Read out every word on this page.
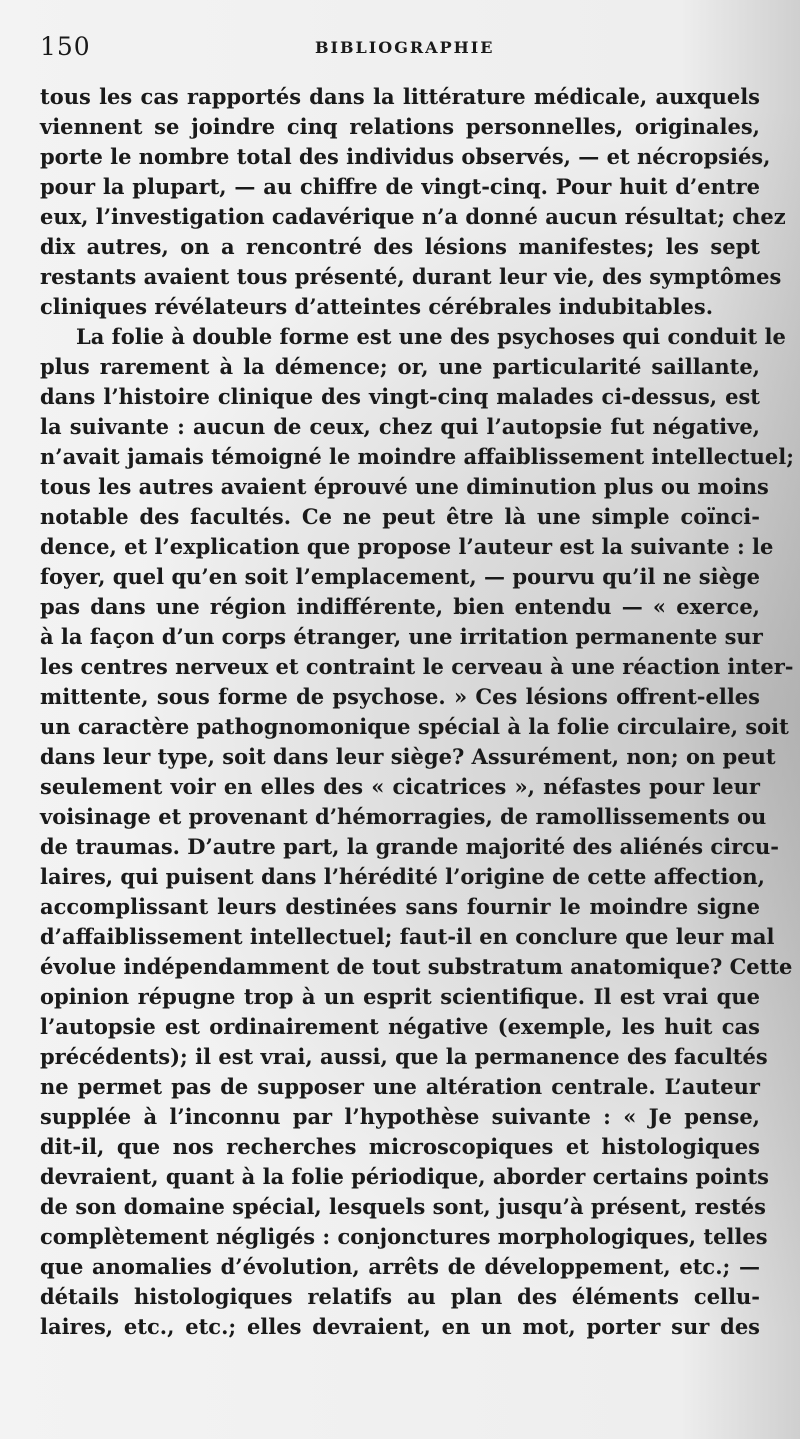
150	BIBLIOGRAPHIE
tous les cas rapportés dans la littérature médicale, auxquels
viennent se joindre cinq relations personnelles, originales,
porte le nombre total des individus observés, — et nécropsiés,
pour la plupart, — au chiffre de vingt-cinq. Pour huit d’entre
eux, l’investigation cadavérique n’a donné aucun résultat; chez
dix autres, on a rencontré des lésions manifestes; les sept
restants avaient tous présenté, durant leur vie, des symptômes
cliniques révélateurs d’atteintes cérébrales indubitables.
La folie à double forme est une des psychoses qui conduit le
plus rarement à la démence; or, une particularité saillante,
dans l’histoire clinique des vingt-cinq malades ci-dessus, est
la suivante : aucun de ceux, chez qui l’autopsie fut négative,
n’avait jamais témoigné le moindre affaiblissement intellectuel;
tous les autres avaient éprouvé une diminution plus ou moins
notable des facultés. Ce ne peut être là une simple coïnci-
dence, et l’explication que propose l’auteur est la suivante : le
foyer, quel qu’en soit l’emplacement, — pourvu qu’il ne siège
pas dans une région indifférente, bien entendu — « exerce,
à la façon d’un corps étranger, une irritation permanente sur
les centres nerveux et contraint le cerveau à une réaction inter-
mittente, sous forme de psychose. » Ces lésions offrent-elles
un caractère pathognomonique spécial à la folie circulaire, soit
dans leur type, soit dans leur siège? Assurément, non; on peut
seulement voir en elles des « cicatrices », néfastes pour leur
voisinage et provenant d’hémorragies, de ramollissements ou
de traumas. D’autre part, la grande majorité des aliénés circu-
laires, qui puisent dans l’hérédité l’origine de cette affection,
accomplissant leurs destinées sans fournir le moindre signe
d’affaiblissement intellectuel; faut-il en conclure que leur mal
évolue indépendamment de tout substratum anatomique? Cette
opinion répugne trop à un esprit scientifique. Il est vrai que
l’autopsie est ordinairement négative (exemple, les huit cas
précédents); il est vrai, aussi, que la permanence des facultés
ne permet pas de supposer une altération centrale. L’auteur
supplée à l’inconnu par l’hypothèse suivante : « Je pense,
dit-il, que nos recherches microscopiques et histologiques
devraient, quant à la folie périodique, aborder certains points
de son domaine spécial, lesquels sont, jusqu’à présent, restés
complètement négligés : conjonctures morphologiques, telles
que anomalies d’évolution, arrêts de développement, etc.; —
détails histologiques relatifs au plan des éléments cellu-
laires, etc., etc.; elles devraient, en un mot, porter sur des
